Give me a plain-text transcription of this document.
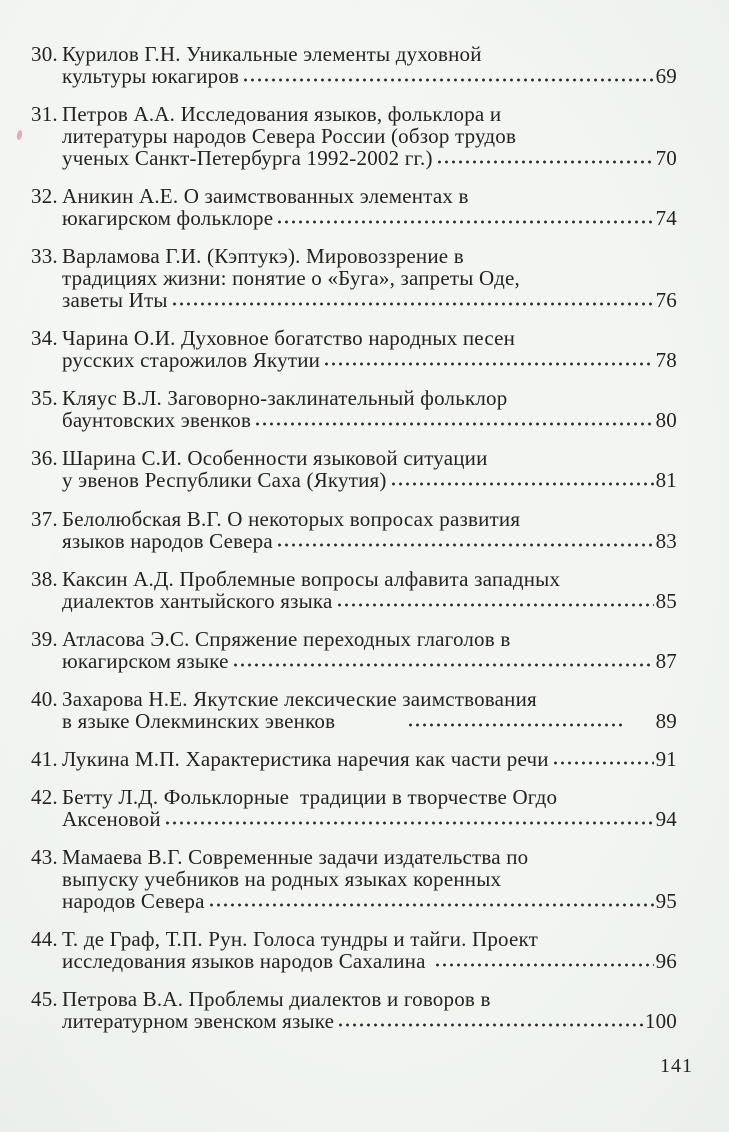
30. Курилов Г.Н. Уникальные элементы духовной
культуры юкагиров	69
31. Петров А.А. Исследования языков, фольклора и
литературы народов Севера России (обзор трудов
ученых Санкт-Петербурга 1992-2002 гг.)	70
32. Аникин А.Е. О заимствованных элементах в
юкагирском фольклоре	74
33. Варламова Г.И. (Кэптукэ). Мировоззрение в
традициях жизни: понятие о «Буга», запреты Оде,
заветы Иты	76
34. Чарина О.И. Духовное богатство народных песен
русских старожилов Якутии	78
35. Кляус В.Л. Заговорно-заклинательный фольклор
баунтовских эвенков	80
36. Шарина С.И. Особенности языковой ситуации
у эвенов Республики Саха (Якутия)	81
37. Белолюбская В.Г. О некоторых вопросах развития
языков народов Севера	83
38. Каксин А.Д. Проблемные вопросы алфавита западных
диалектов хантыйского языка	85
39. Атласова Э.С. Спряжение переходных глаголов в
юкагирском языке	87
40. Захарова Н.Е. Якутские лексические заимствования
в языке Олекминских эвенков	89
41. Лукина М.П. Характеристика наречия как части речи	91
42. Бетту Л.Д. Фольклорные  традиции в творчестве Огдо
Аксеновой	94
43. Мамаева В.Г. Современные задачи издательства по
выпуску учебников на родных языках коренных
народов Севера	95
44. Т. де Граф, Т.П. Рун. Голоса тундры и тайги. Проект
исследования языков народов Сахалина	96
45. Петрова В.А. Проблемы диалектов и говоров в
литературном эвенском языке	100
141
